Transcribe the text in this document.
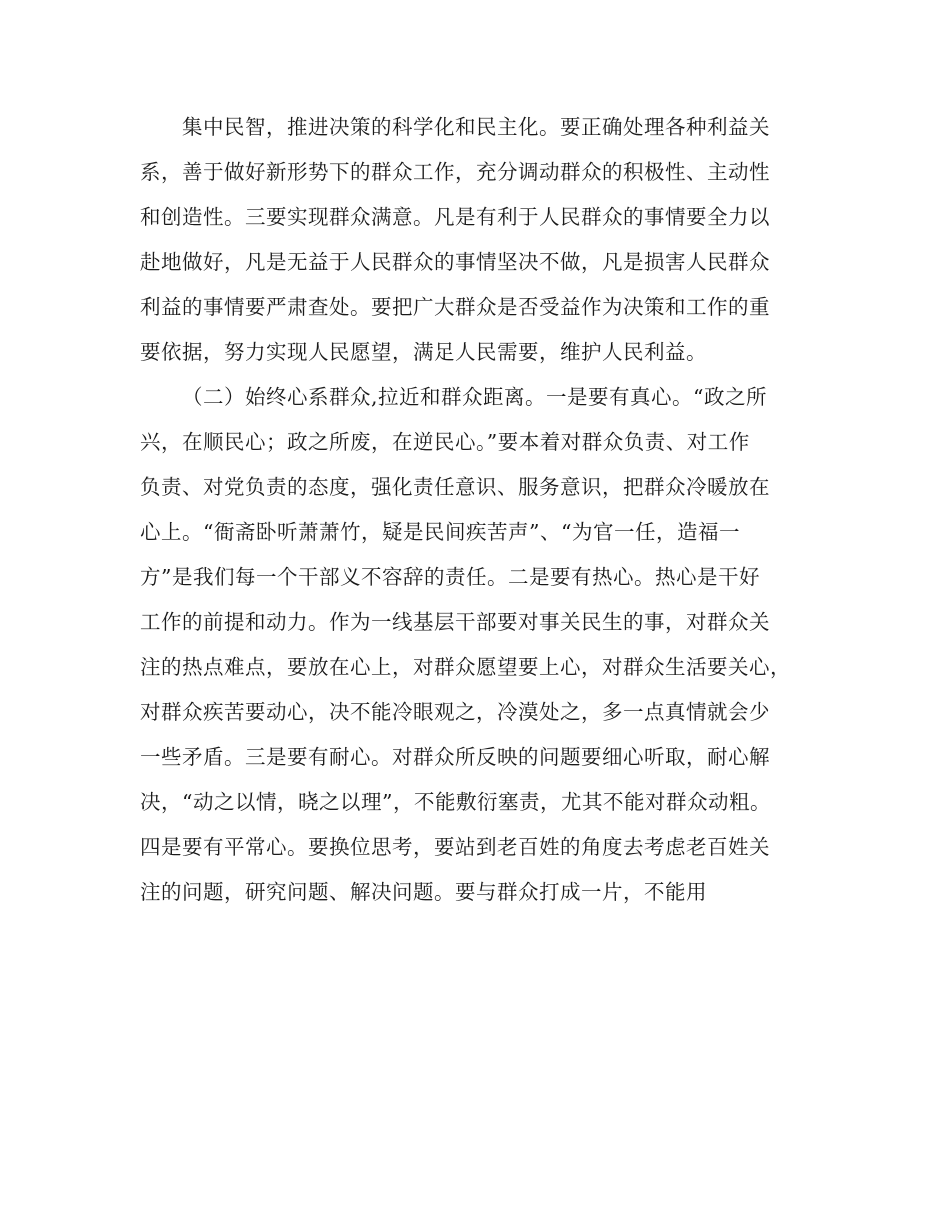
集中民智，推进决策的科学化和民主化。要正确处理各种利益关
系，善于做好新形势下的群众工作，充分调动群众的积极性、主动性
和创造性。三要实现群众满意。凡是有利于人民群众的事情要全力以
赴地做好，凡是无益于人民群众的事情坚决不做，凡是损害人民群众
利益的事情要严肃查处。要把广大群众是否受益作为决策和工作的重
要依据，努力实现人民愿望，满足人民需要，维护人民利益。
（二）始终心系群众,拉近和群众距离。一是要有真心。“政之所
兴，在顺民心；政之所废，在逆民心。”要本着对群众负责、对工作
负责、对党负责的态度，强化责任意识、服务意识，把群众冷暖放在
心上。“衙斋卧听萧萧竹，疑是民间疾苦声”、“为官一任，造福一
方”是我们每一个干部义不容辞的责任。二是要有热心。热心是干好
工作的前提和动力。作为一线基层干部要对事关民生的事，对群众关
注的热点难点，要放在心上，对群众愿望要上心，对群众生活要关心，
对群众疾苦要动心，决不能冷眼观之，冷漠处之，多一点真情就会少
一些矛盾。三是要有耐心。对群众所反映的问题要细心听取，耐心解
决，“动之以情，晓之以理”，不能敷衍塞责，尤其不能对群众动粗。
四是要有平常心。要换位思考，要站到老百姓的角度去考虑老百姓关
注的问题，研究问题、解决问题。要与群众打成一片，不能用
